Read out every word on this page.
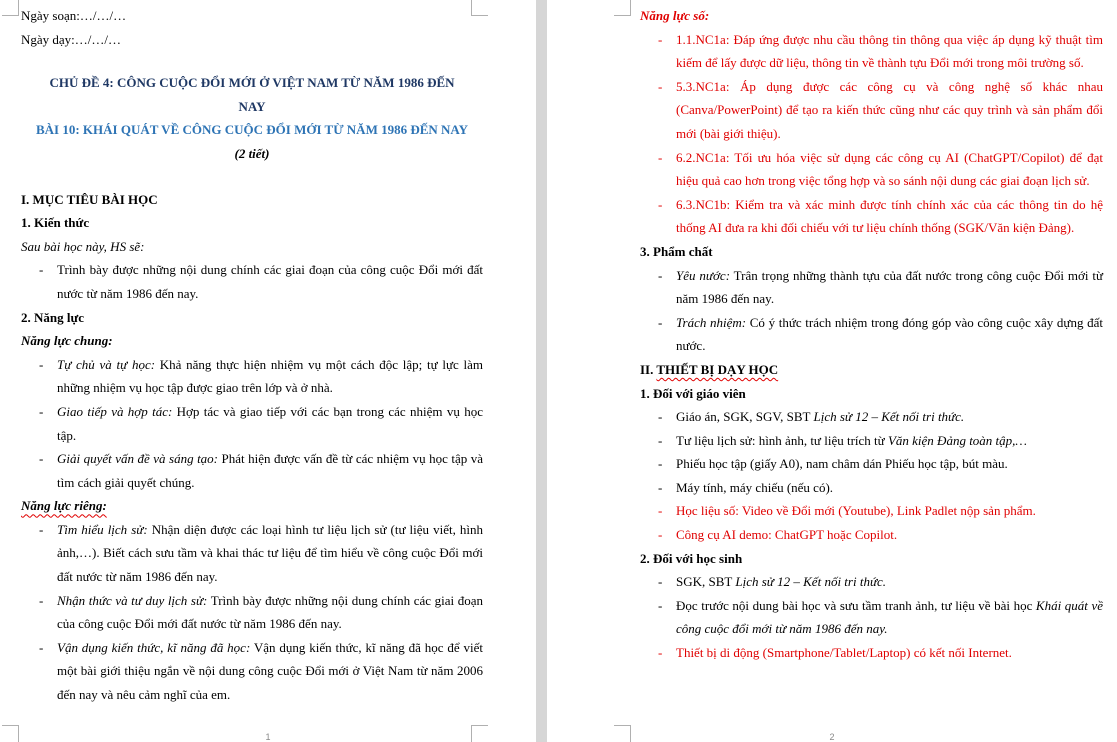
Ngày soạn:…/…/…

Ngày dạy:…/…/…

CHỦ ĐỀ 4: CÔNG CUỘC ĐỔI MỚI Ở VIỆT NAM TỪ NĂM 1986 ĐẾN NAY

BÀI 10: KHÁI QUÁT VỀ CÔNG CUỘC ĐỔI MỚI TỪ NĂM 1986 ĐẾN NAY

(2 tiết)

I. MỤC TIÊU BÀI HỌC

1. Kiến thức

Sau bài học này, HS sẽ:

- Trình bày được những nội dung chính các giai đoạn của công cuộc Đổi mới đất nước từ năm 1986 đến nay.

2. Năng lực

Năng lực chung:

- Tự chủ và tự học: Khả năng thực hiện nhiệm vụ một cách độc lập; tự lực làm những nhiệm vụ học tập được giao trên lớp và ở nhà.
- Giao tiếp và hợp tác: Hợp tác và giao tiếp với các bạn trong các nhiệm vụ học tập.
- Giải quyết vấn đề và sáng tạo: Phát hiện được vấn đề từ các nhiệm vụ học tập và tìm cách giải quyết chúng.

Năng lực riêng:

- Tìm hiểu lịch sử: Nhận diện được các loại hình tư liệu lịch sử (tư liệu viết, hình ảnh,…). Biết cách sưu tầm và khai thác tư liệu để tìm hiểu về công cuộc Đổi mới đất nước từ năm 1986 đến nay.
- Nhận thức và tư duy lịch sử: Trình bày được những nội dung chính các giai đoạn của công cuộc Đổi mới đất nước từ năm 1986 đến nay.
- Vận dụng kiến thức, kĩ năng đã học: Vận dụng kiến thức, kĩ năng đã học để viết một bài giới thiệu ngắn về nội dung công cuộc Đổi mới ở Việt Nam từ năm 2006 đến nay và nêu cảm nghĩ của em.
1

Năng lực số:

- 1.1.NC1a: Đáp ứng được nhu cầu thông tin thông qua việc áp dụng kỹ thuật tìm kiếm để lấy được dữ liệu, thông tin về thành tựu Đổi mới trong môi trường số.
- 5.3.NC1a: Áp dụng được các công cụ và công nghệ số khác nhau (Canva/PowerPoint) để tạo ra kiến thức cũng như các quy trình và sản phẩm đổi mới (bài giới thiệu).
- 6.2.NC1a: Tối ưu hóa việc sử dụng các công cụ AI (ChatGPT/Copilot) để đạt hiệu quả cao hơn trong việc tổng hợp và so sánh nội dung các giai đoạn lịch sử.
- 6.3.NC1b: Kiểm tra và xác minh được tính chính xác của các thông tin do hệ thống AI đưa ra khi đối chiếu với tư liệu chính thống (SGK/Văn kiện Đảng).

3. Phẩm chất

- Yêu nước: Trân trọng những thành tựu của đất nước trong công cuộc Đổi mới từ năm 1986 đến nay.
- Trách nhiệm: Có ý thức trách nhiệm trong đóng góp vào công cuộc xây dựng đất nước.

II. THIẾT BỊ DẠY HỌC

1. Đối với giáo viên

- Giáo án, SGK, SGV, SBT Lịch sử 12 – Kết nối tri thức.
- Tư liệu lịch sử: hình ảnh, tư liệu trích từ Văn kiện Đảng toàn tập,…
- Phiếu học tập (giấy A0), nam châm dán Phiếu học tập, bút màu.
- Máy tính, máy chiếu (nếu có).
- Học liệu số: Video về Đổi mới (Youtube), Link Padlet nộp sản phẩm.
- Công cụ AI demo: ChatGPT hoặc Copilot.

2. Đối với học sinh

- SGK, SBT Lịch sử 12 – Kết nối tri thức.
- Đọc trước nội dung bài học và sưu tầm tranh ảnh, tư liệu về bài học Khái quát về công cuộc đổi mới từ năm 1986 đến nay.
- Thiết bị di động (Smartphone/Tablet/Laptop) có kết nối Internet.
2
